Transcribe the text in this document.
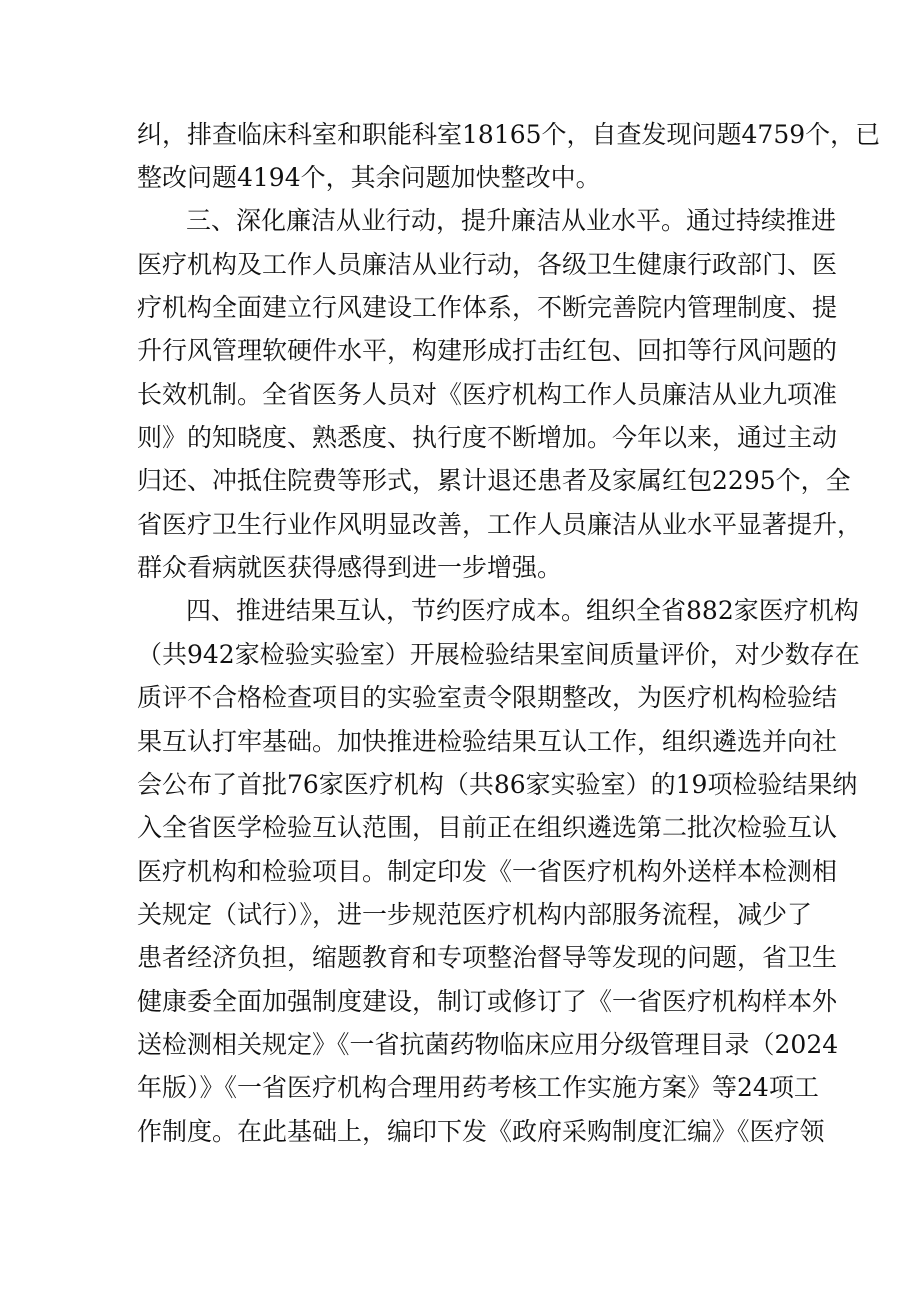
纠，排查临床科室和职能科室18165个，自查发现问题4759个，已
整改问题4194个，其余问题加快整改中。
三、深化廉洁从业行动，提升廉洁从业水平。通过持续推进
医疗机构及工作人员廉洁从业行动，各级卫生健康行政部门、医
疗机构全面建立行风建设工作体系，不断完善院内管理制度、提
升行风管理软硬件水平，构建形成打击红包、回扣等行风问题的
长效机制。全省医务人员对《医疗机构工作人员廉洁从业九项准
则》的知晓度、熟悉度、执行度不断增加。今年以来，通过主动
归还、冲抵住院费等形式，累计退还患者及家属红包2295个，全
省医疗卫生行业作风明显改善，工作人员廉洁从业水平显著提升，
群众看病就医获得感得到进一步增强。
四、推进结果互认，节约医疗成本。组织全省882家医疗机构
（共942家检验实验室）开展检验结果室间质量评价，对少数存在
质评不合格检查项目的实验室责令限期整改，为医疗机构检验结
果互认打牢基础。加快推进检验结果互认工作，组织遴选并向社
会公布了首批76家医疗机构（共86家实验室）的19项检验结果纳
入全省医学检验互认范围，目前正在组织遴选第二批次检验互认
医疗机构和检验项目。制定印发《一省医疗机构外送样本检测相
关规定（试行）》，进一步规范医疗机构内部服务流程，减少了
患者经济负担，缩题教育和专项整治督导等发现的问题，省卫生
健康委全面加强制度建设，制订或修订了《一省医疗机构样本外
送检测相关规定》《一省抗菌药物临床应用分级管理目录（2024
年版）》《一省医疗机构合理用药考核工作实施方案》等24项工
作制度。在此基础上，编印下发《政府采购制度汇编》《医疗领
